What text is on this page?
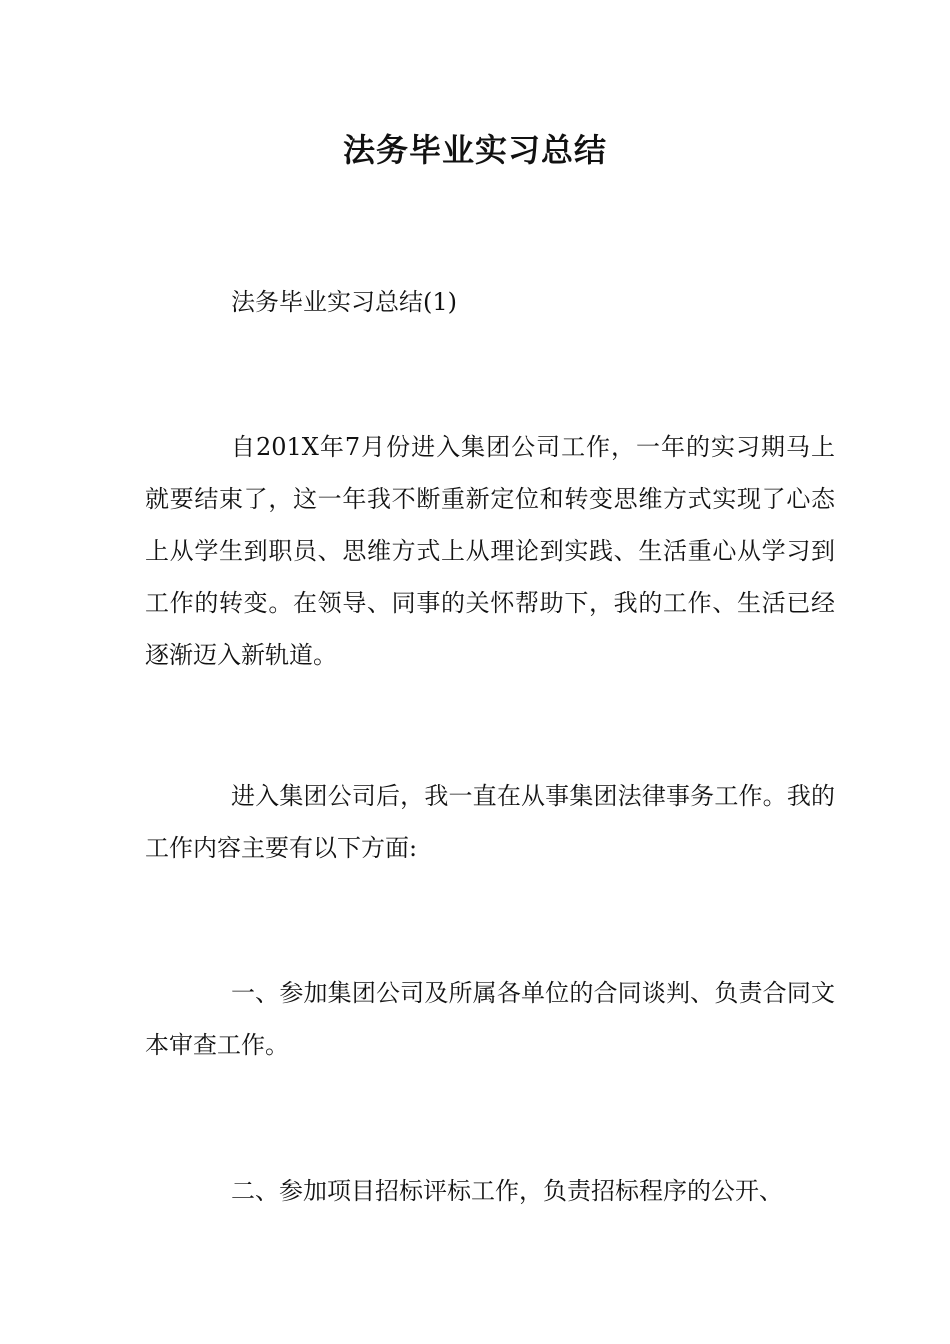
法务毕业实习总结
法务毕业实习总结(1)
自201X年7月份进入集团公司工作，一年的实习期马上就要结束了，这一年我不断重新定位和转变思维方式实现了心态上从学生到职员、思维方式上从理论到实践、生活重心从学习到工作的转变。在领导、同事的关怀帮助下，我的工作、生活已经逐渐迈入新轨道。
进入集团公司后，我一直在从事集团法律事务工作。我的工作内容主要有以下方面:
一、参加集团公司及所属各单位的合同谈判、负责合同文本审查工作。
二、参加项目招标评标工作，负责招标程序的公开、
